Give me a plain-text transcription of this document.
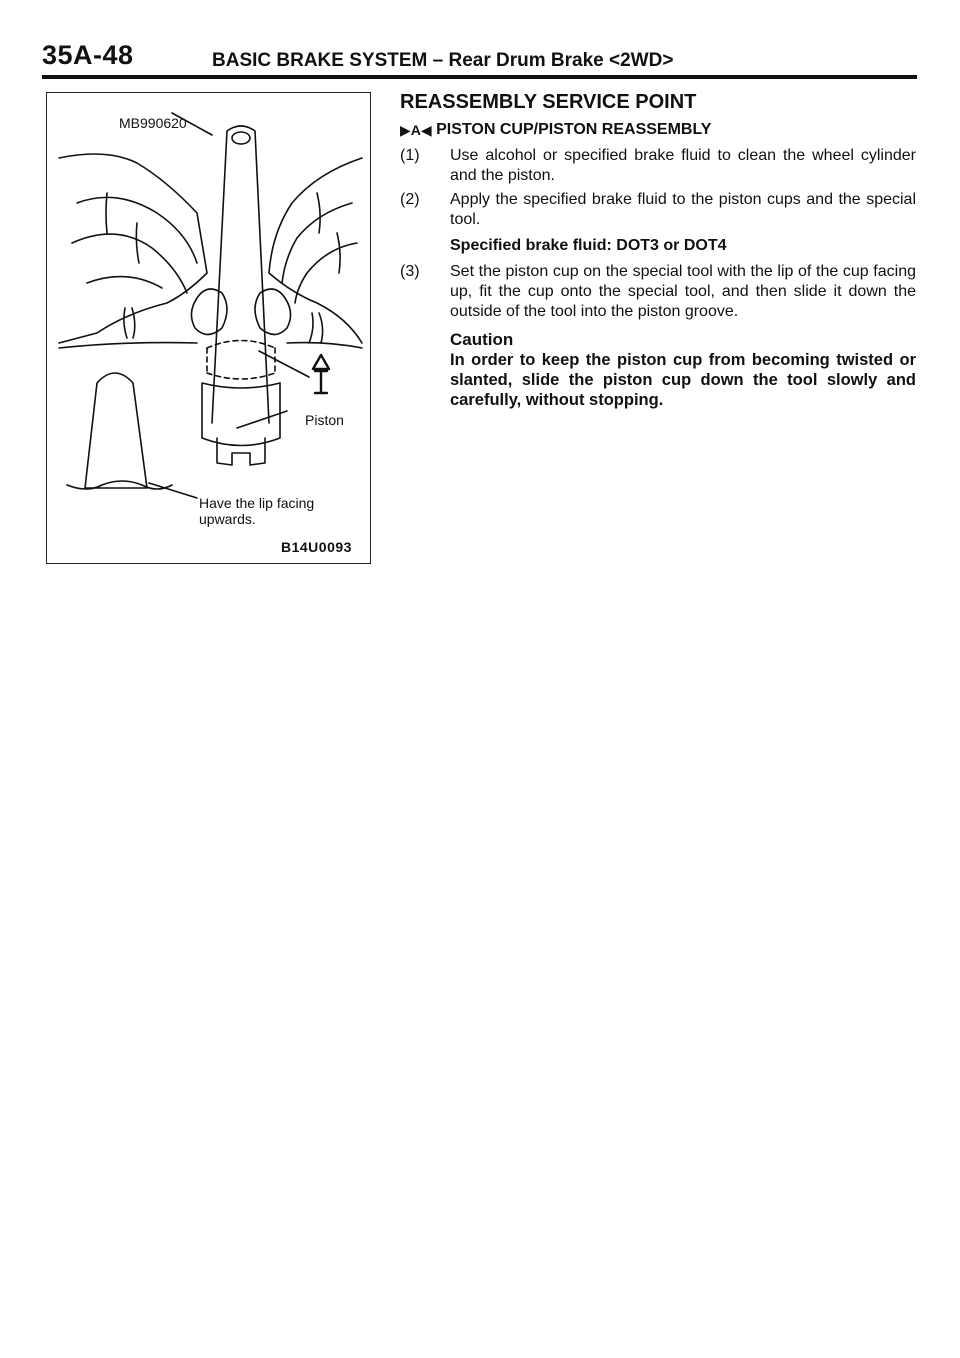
35A-48	BASIC BRAKE SYSTEM – Rear Drum Brake <2WD>
MB990620
Piston
Have the lip facing
upwards.
B14U0093
REASSEMBLY SERVICE POINT
▶A ◀
PISTON CUP/PISTON REASSEMBLY
(1)	Use alcohol or specified brake fluid to clean the wheel cylinder and the piston.
(2)	Apply the specified brake fluid to the piston cups and the special tool.
Specified brake fluid: DOT3 or DOT4
(3)	Set the piston cup on the special tool with the lip of the cup facing up, fit the cup onto the special tool, and then slide it down the outside of the tool into the piston groove.
Caution
In order to keep the piston cup from becoming twisted or slanted, slide the piston cup down the tool slowly and carefully, without stopping.
